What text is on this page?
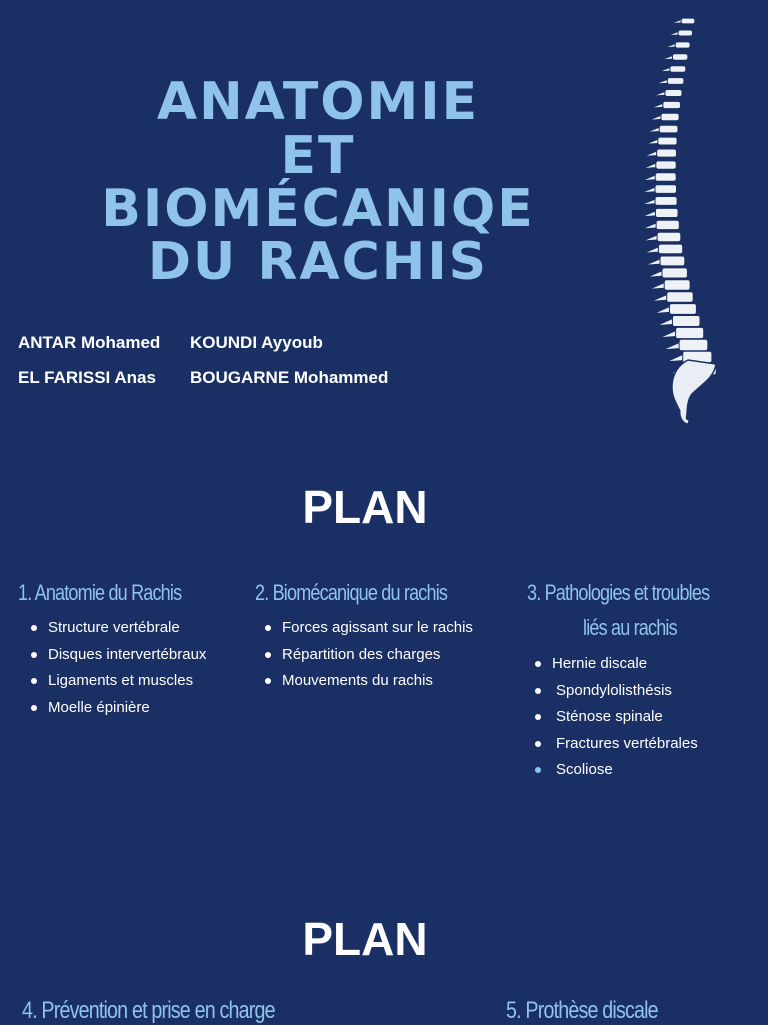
ANATOMIE
ET
BIOMÉCANIQE
DU RACHIS
ANTAR Mohamed KOUNDI Ayyoub
EL FARISSI Anas BOUGARNE Mohammed
PLAN
1. Anatomie du Rachis
Structure vertébrale
Disques intervertébraux
Ligaments et muscles
Moelle épinière
2. Biomécanique du rachis
Forces agissant sur le rachis
Répartition des charges
Mouvements du rachis
3. Pathologies et troubles
liés au rachis
Hernie discale
Spondylolisthésis
Sténose spinale
Fractures vertébrales
Scoliose
PLAN
4. Prévention et prise en charge	5. Prothèse discale
